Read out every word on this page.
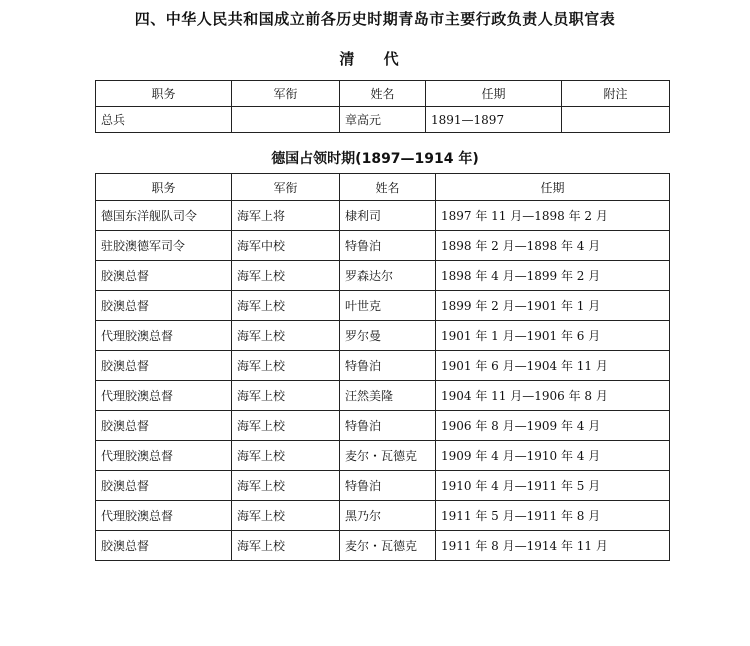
四、中华人民共和国成立前各历史时期青岛市主要行政负责人员职官表
清 代
职务	军衔	姓名	任期	附注
总兵		章高元	1891—1897	
德国占领时期(1897—1914 年)
职务	军衔	姓名	任期
德国东洋舰队司令	海军上将	棣利司	1897 年 11 月—1898 年 2 月
驻胶澳德军司令	海军中校	特鲁泊	1898 年 2 月—1898 年 4 月
胶澳总督	海军上校	罗森达尔	1898 年 4 月—1899 年 2 月
胶澳总督	海军上校	叶世克	1899 年 2 月—1901 年 1 月
代理胶澳总督	海军上校	罗尔曼	1901 年 1 月—1901 年 6 月
胶澳总督	海军上校	特鲁泊	1901 年 6 月—1904 年 11 月
代理胶澳总督	海军上校	汪然美隆	1904 年 11 月—1906 年 8 月
胶澳总督	海军上校	特鲁泊	1906 年 8 月—1909 年 4 月
代理胶澳总督	海军上校	麦尔・瓦德克	1909 年 4 月—1910 年 4 月
胶澳总督	海军上校	特鲁泊	1910 年 4 月—1911 年 5 月
代理胶澳总督	海军上校	黑乃尔	1911 年 5 月—1911 年 8 月
胶澳总督	海军上校	麦尔・瓦德克	1911 年 8 月—1914 年 11 月
